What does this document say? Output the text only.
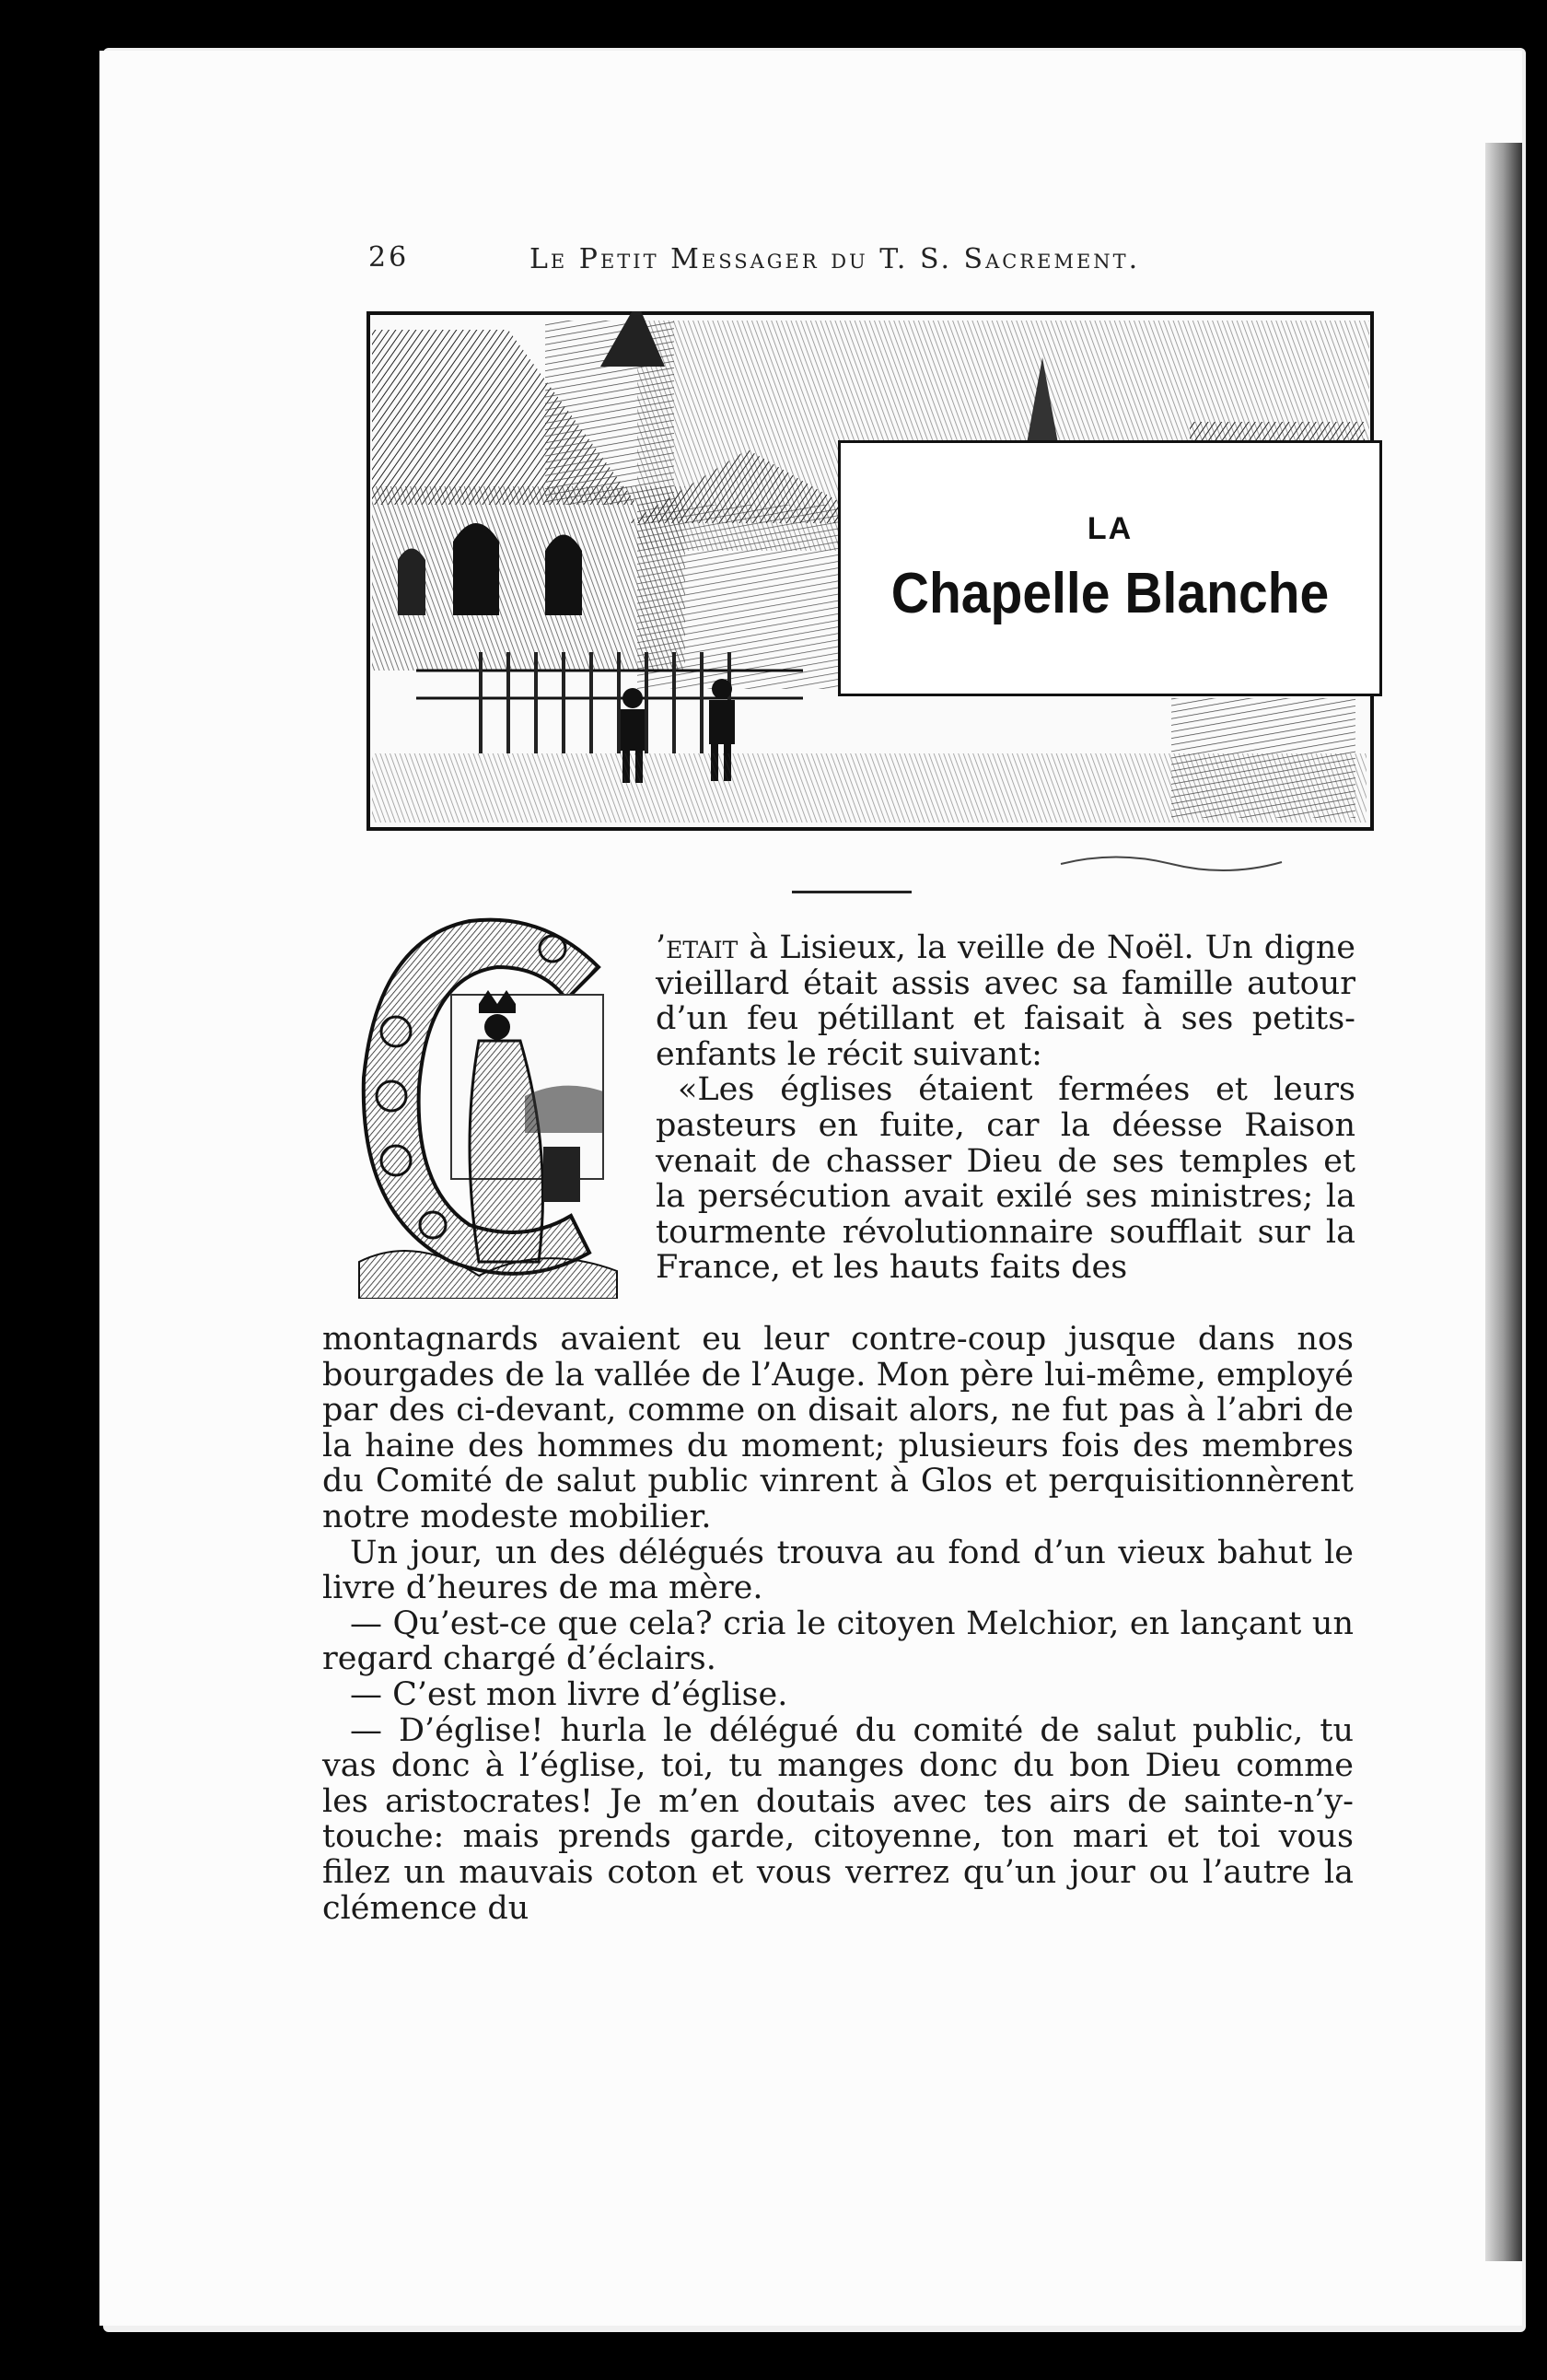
26	Le Petit Messager du T. S. Sacrement.
LA
Chapelle Blanche

’etait à Lisieux, la veille de Noël. Un digne vieillard était assis avec sa famille autour d’un feu pétillant et faisait à ses petits-enfants le récit suivant:

«Les églises étaient fermées et leurs pasteurs en fuite, car la déesse Raison venait de chasser Dieu de ses temples et la persécution avait exilé ses ministres; la tourmente révolutionnaire soufflait sur la France, et les hauts faits des

montagnards avaient eu leur contre-coup jusque dans nos bourgades de la vallée de l’Auge. Mon père lui-même, employé par des ci-devant, comme on disait alors, ne fut pas à l’abri de la haine des hommes du moment; plusieurs fois des membres du Comité de salut public vinrent à Glos et perquisitionnèrent notre modeste mobilier.

Un jour, un des délégués trouva au fond d’un vieux bahut le livre d’heures de ma mère.

— Qu’est-ce que cela? cria le citoyen Melchior, en lançant un regard chargé d’éclairs.

— C’est mon livre d’église.

— D’église! hurla le délégué du comité de salut public, tu vas donc à l’église, toi, tu manges donc du bon Dieu comme les aristocrates! Je m’en doutais avec tes airs de sainte-n’y-touche: mais prends garde, citoyenne, ton mari et toi vous filez un mauvais coton et vous verrez qu’un jour ou l’autre la clémence du
